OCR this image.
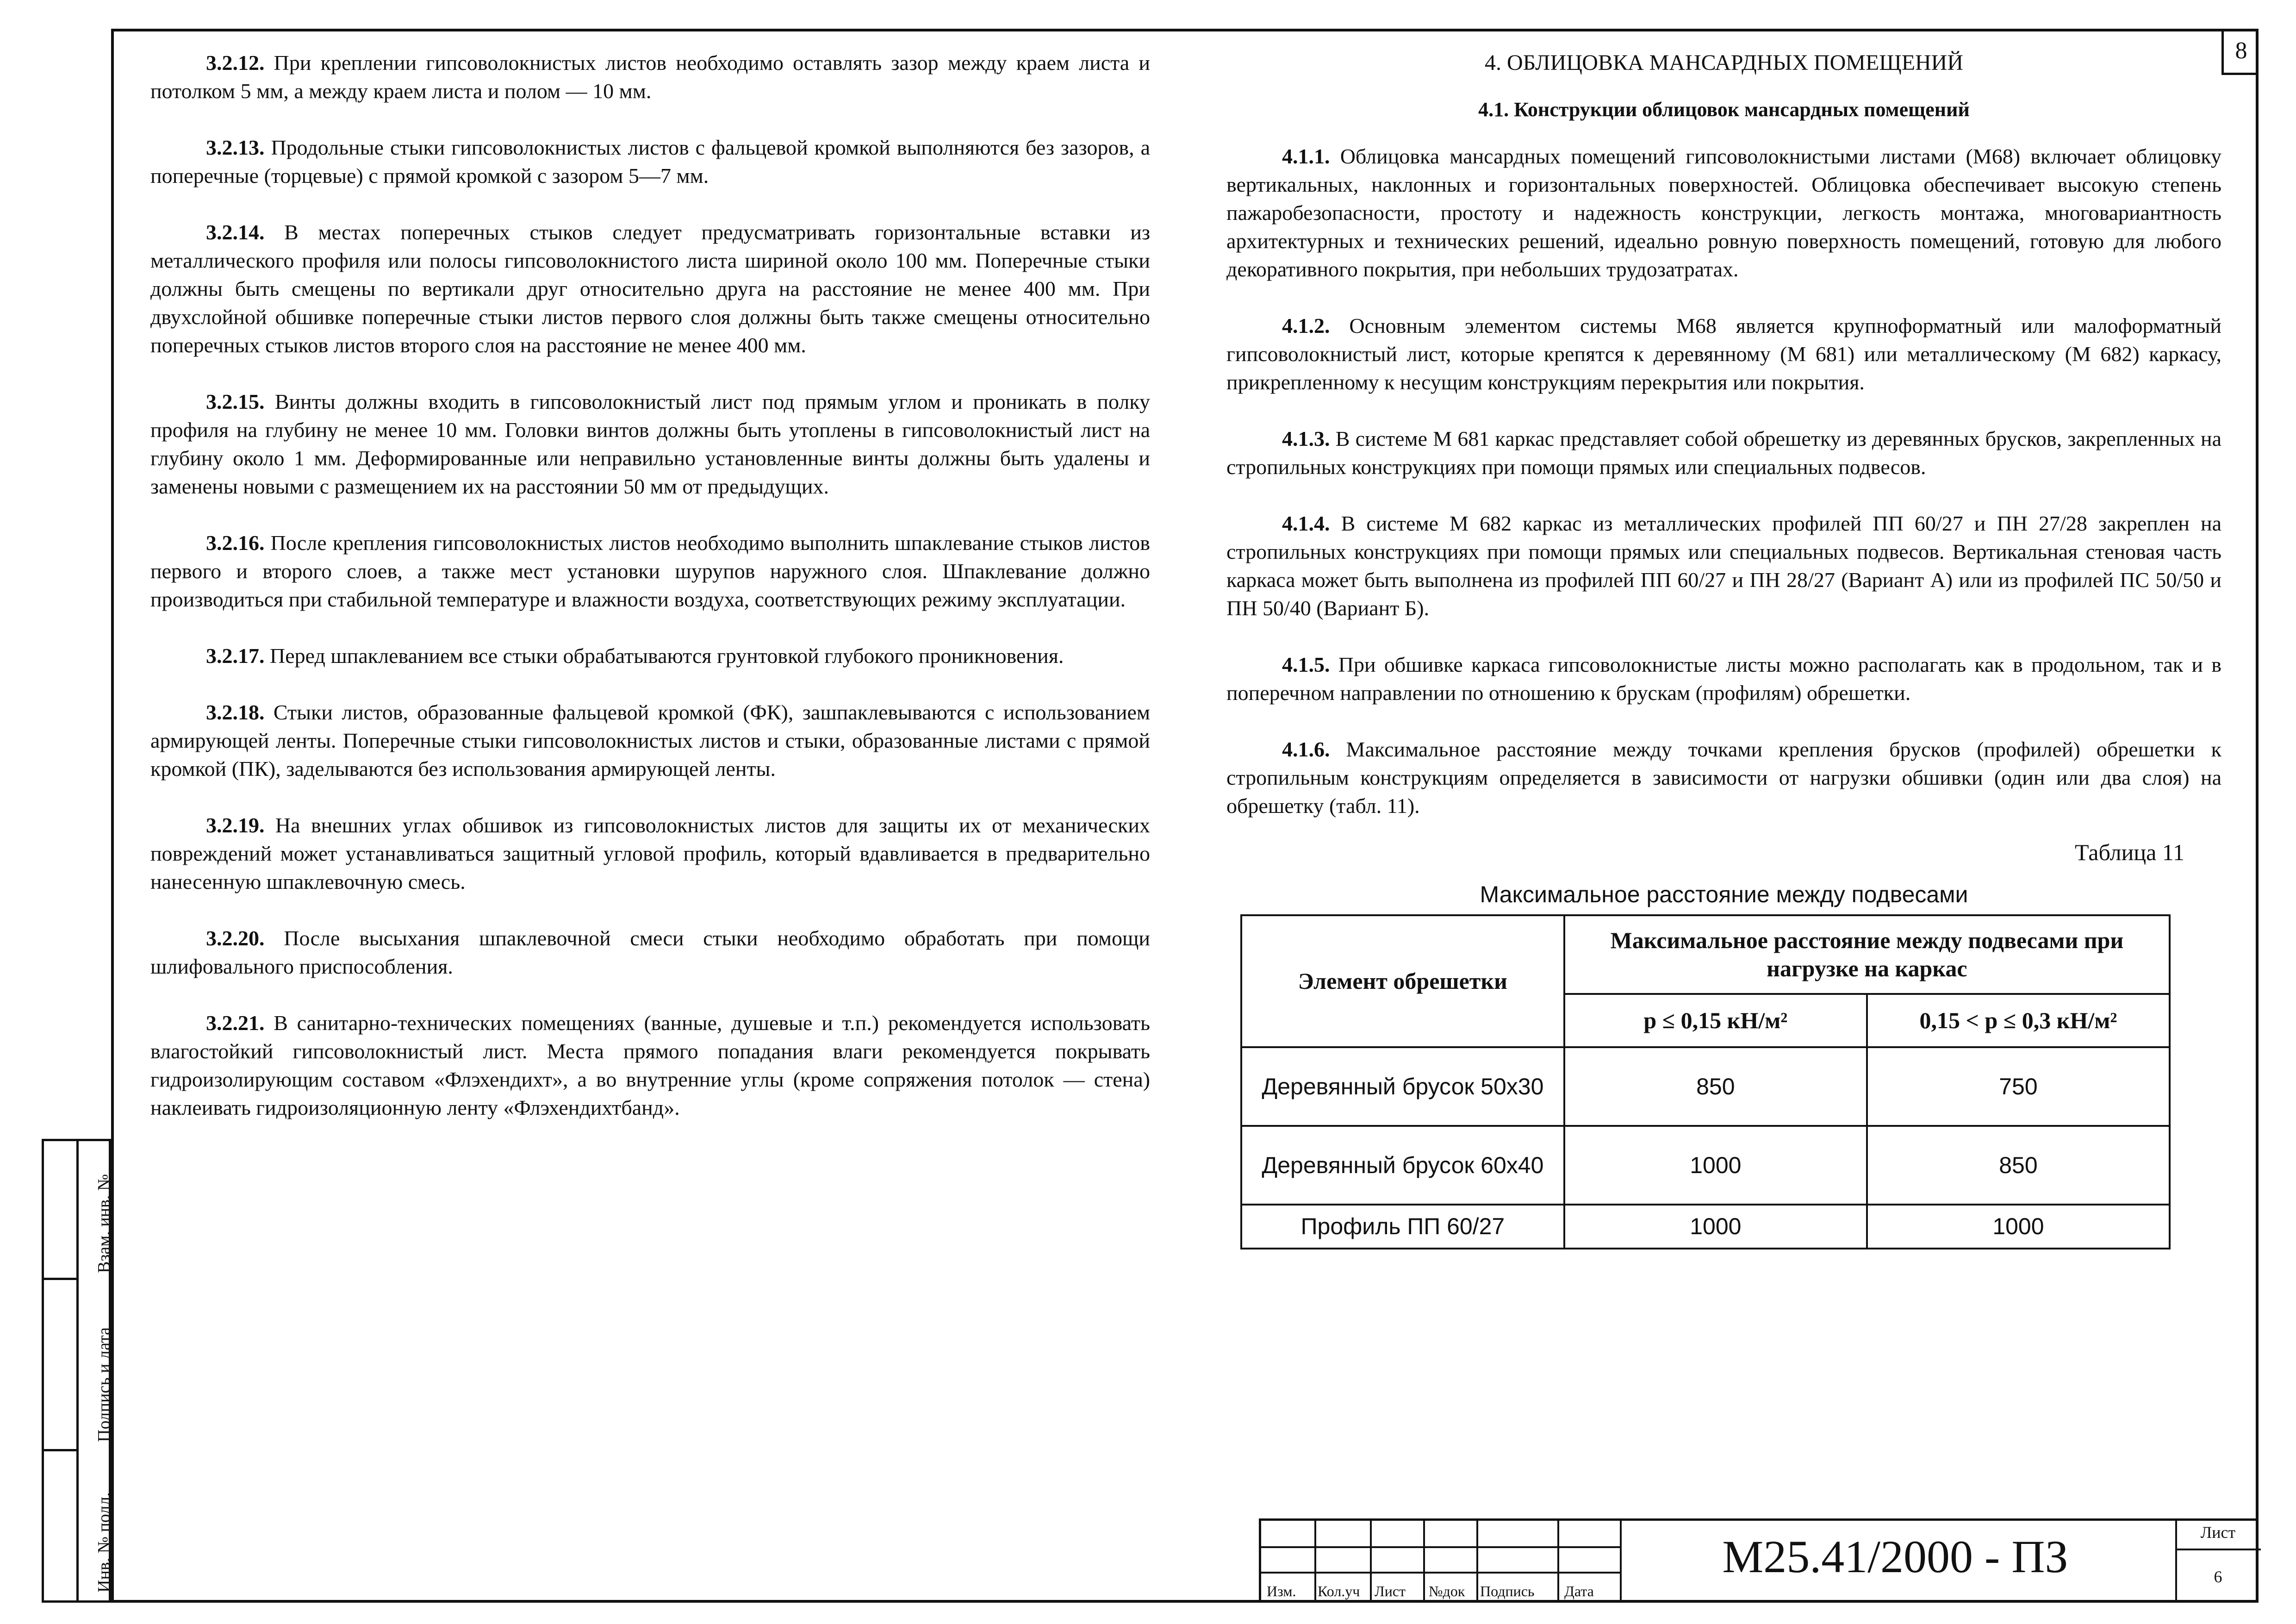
8
Взам. инв. №
Подпись и дата
Инв. № подл.

3.2.12. При креплении гипсоволокнистых листов необходимо оставлять зазор между краем листа и потолком 5 мм, а между краем листа и полом — 10 мм.

3.2.13. Продольные стыки гипсоволокнистых листов с фальцевой кромкой выполняются без зазоров, а поперечные (торцевые) с прямой кромкой с зазором 5—7 мм.

3.2.14. В местах поперечных стыков следует предусматривать горизонтальные вставки из металлического профиля или полосы гипсоволокнистого листа шириной около 100 мм. Поперечные стыки должны быть смещены по вертикали друг относительно друга на расстояние не менее 400 мм. При двухслойной обшивке поперечные стыки листов первого слоя должны быть также смещены относительно поперечных стыков листов второго слоя на расстояние не менее 400 мм.

3.2.15. Винты должны входить в гипсоволокнистый лист под прямым углом и проникать в полку профиля на глубину не менее 10 мм. Головки винтов должны быть утоплены в гипсоволокнистый лист на глубину около 1 мм. Деформированные или неправильно установленные винты должны быть удалены и заменены новыми с размещением их на расстоянии 50 мм от предыдущих.

3.2.16. После крепления гипсоволокнистых листов необходимо выполнить шпаклевание стыков листов первого и второго слоев, а также мест установки шурупов наружного слоя. Шпаклевание должно производиться при стабильной температуре и влажности воздуха, соответствующих режиму эксплуатации.

3.2.17. Перед шпаклеванием все стыки обрабатываются грунтовкой глубокого проникновения.

3.2.18. Стыки листов, образованные фальцевой кромкой (ФК), зашпаклевываются с использованием армирующей ленты. Поперечные стыки гипсоволокнистых листов и стыки, образованные листами с прямой кромкой (ПК), заделываются без использования армирующей ленты.

3.2.19. На внешних углах обшивок из гипсоволокнистых листов для защиты их от механических повреждений может устанавливаться защитный угловой профиль, который вдавливается в предварительно нанесенную шпаклевочную смесь.

3.2.20. После высыхания шпаклевочной смеси стыки необходимо обработать при помощи шлифовального приспособления.

3.2.21. В санитарно-технических помещениях (ванные, душевые и т.п.) рекомендуется использовать влагостойкий гипсоволокнистый лист. Места прямого попадания влаги рекомендуется покрывать гидроизолирующим составом «Флэхендихт», а во внутренние углы (кроме сопряжения потолок — стена) наклеивать гидроизоляционную ленту «Флэхендихтбанд».

4. ОБЛИЦОВКА МАНСАРДНЫХ ПОМЕЩЕНИЙ
4.1. Конструкции облицовок мансардных помещений

4.1.1. Облицовка мансардных помещений гипсоволокнистыми листами (М68) включает облицовку вертикальных, наклонных и горизонтальных поверхностей. Облицовка обеспечивает высокую степень пажаробезопасности, простоту и надежность конструкции, легкость монтажа, многовариантность архитектурных и технических решений, идеально ровную поверхность помещений, готовую для любого декоративного покрытия, при небольших трудозатратах.

4.1.2. Основным элементом системы М68 является крупноформатный или малоформатный гипсоволокнистый лист, которые крепятся к деревянному (М 681) или металлическому (М 682) каркасу, прикрепленному к несущим конструкциям перекрытия или покрытия.

4.1.3. В системе М 681 каркас представляет собой обрешетку из деревянных брусков, закрепленных на стропильных конструкциях при помощи прямых или специальных подвесов.

4.1.4. В системе М 682 каркас из металлических профилей ПП 60/27 и ПН 27/28 закреплен на стропильных конструкциях при помощи прямых или специальных подвесов. Вертикальная стеновая часть каркаса может быть выполнена из профилей ПП 60/27 и ПН 28/27 (Вариант А) или из профилей ПС 50/50 и ПН 50/40 (Вариант Б).

4.1.5. При обшивке каркаса гипсоволокнистые листы можно располагать как в продольном, так и в поперечном направлении по отношению к брускам (профилям) обрешетки.

4.1.6. Максимальное расстояние между точками крепления брусков (профилей) обрешетки к стропильным конструкциям определяется в зависимости от нагрузки обшивки (один или два слоя) на обрешетку (табл. 11).

Таблица 11
Максимальное расстояние между подвесами
Элемент обрешетки	Максимальное расстояние между подвесами при нагрузке на каркас	
	p ≤ 0,15 кН/м²	0,15 < p ≤ 0,3 кН/м²
Деревянный брусок 50х30	850	750
Деревянный брусок 60х40	1000	850
Профиль ПП 60/27	1000	1000
Изм. Кол.уч Лист №док Подпись Дата
М25.41/2000 - ПЗ	Лист
6
